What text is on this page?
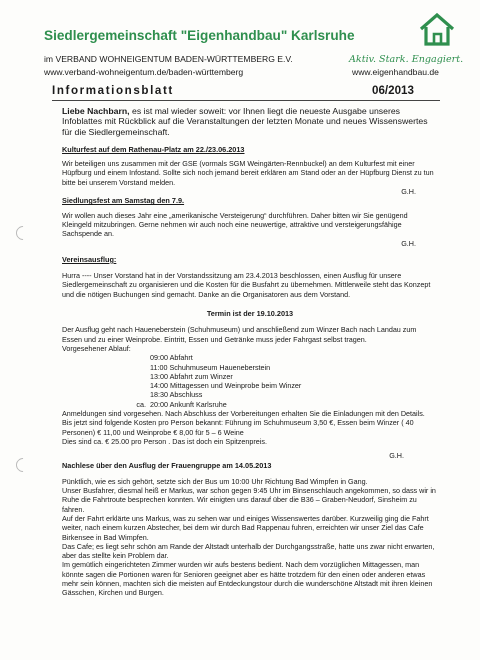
Siedlergemeinschaft "Eigenhandbau" Karlsruhe
im VERBAND WOHNEIGENTUM BADEN-WÜRTTEMBERG E.V.
www.verband-wohneigentum.de/baden-württemberg
Aktiv. Stark. Engagiert.
www.eigenhandbau.de
Informationsblatt	06/2013

Liebe Nachbarn, es ist mal wieder soweit: vor Ihnen liegt die neueste Ausgabe unseres Infoblattes mit Rückblick auf die Veranstaltungen der letzten Monate und neues Wissenswertes für die Siedlergemeinschaft.

Kulturfest auf dem Rathenau-Platz am 22./23.06.2013

Wir beteiligen uns zusammen mit der GSE (vormals SGM Weingärten-Rennbuckel) an dem Kulturfest mit einer Hüpfburg und einem Infostand. Sollte sich noch jemand bereit erklären am Stand oder an der Hüpfburg Dienst zu tun bitte bei unserem Vorstand melden.

G.H.

Siedlungsfest am Samstag den 7.9.

Wir wollen auch dieses Jahr eine „amerikanische Versteigerung“ durchführen. Daher bitten wir Sie genügend Kleingeld mitzubringen. Gerne nehmen wir auch noch eine neuwertige, attraktive und versteigerungsfähige Sachspende an.

G.H.

Vereinsausflug:

Hurra ---- Unser Vorstand hat in der Vorstandssitzung am 23.4.2013 beschlossen, einen Ausflug für unsere Siedlergemeinschaft zu organisieren und die Kosten für die Busfahrt zu übernehmen. Mittlerweile steht das Konzept und die nötigen Buchungen sind gemacht. Danke an die Organisatoren aus dem Vorstand.

Termin ist der 19.10.2013

Der Ausflug geht nach Haueneberstein (Schuhmuseum) und anschließend zum Winzer Bach nach Landau zum Essen und zu einer Weinprobe. Eintritt, Essen und Getränke muss jeder Fahrgast selbst tragen.

Vorgesehener Ablauf:

09:00 Abfahrt
11:00 Schuhmuseum Haueneberstein
13:00 Abfahrt zum Winzer
14:00 Mittagessen und Weinprobe beim Winzer
18:30 Abschluss
ca. 20:00 Ankunft Karlsruhe

Anmeldungen sind vorgesehen. Nach Abschluss der Vorbereitungen erhalten Sie die Einladungen mit den Details.

Bis jetzt sind folgende Kosten pro Person bekannt: Führung im Schuhmuseum 3,50 €, Essen beim Winzer ( 40 Personen) € 11,00 und Weinprobe € 8,00 für 5 – 6 Weine

Dies sind ca. € 25.00 pro Person . Das ist doch ein Spitzenpreis.

G.H.

Nachlese über den Ausflug der Frauengruppe am 14.05.2013

Pünktlich, wie es sich gehört, setzte sich der Bus um 10:00 Uhr Richtung Bad Wimpfen in Gang.

Unser Busfahrer, diesmal heiß er Markus, war schon gegen 9:45 Uhr im Binsenschlauch angekommen, so dass wir in Ruhe die Fahrtroute besprechen konnten. Wir einigten uns darauf über die B36 – Graben-Neudorf, Sinsheim zu fahren.

Auf der Fahrt erklärte uns Markus, was zu sehen war und einiges Wissenswertes darüber. Kurzweilig ging die Fahrt weiter, nach einem kurzen Abstecher, bei dem wir durch Bad Rappenau fuhren, erreichten wir unser Ziel das Cafe Birkensee in Bad Wimpfen.

Das Cafe; es liegt sehr schön am Rande der Altstadt unterhalb der Durchgangsstraße, hatte uns zwar nicht erwarten, aber das stellte kein Problem dar.

Im gemütlich eingerichteten Zimmer wurden wir aufs bestens bedient. Nach dem vorzüglichen Mittagessen, man könnte sagen die Portionen waren für Senioren geeignet aber es hätte trotzdem für den einen oder anderen etwas mehr sein können, machten sich die meisten auf Entdeckungstour durch die wunderschöne Altstadt mit ihren kleinen Gässchen, Kirchen und Burgen.
